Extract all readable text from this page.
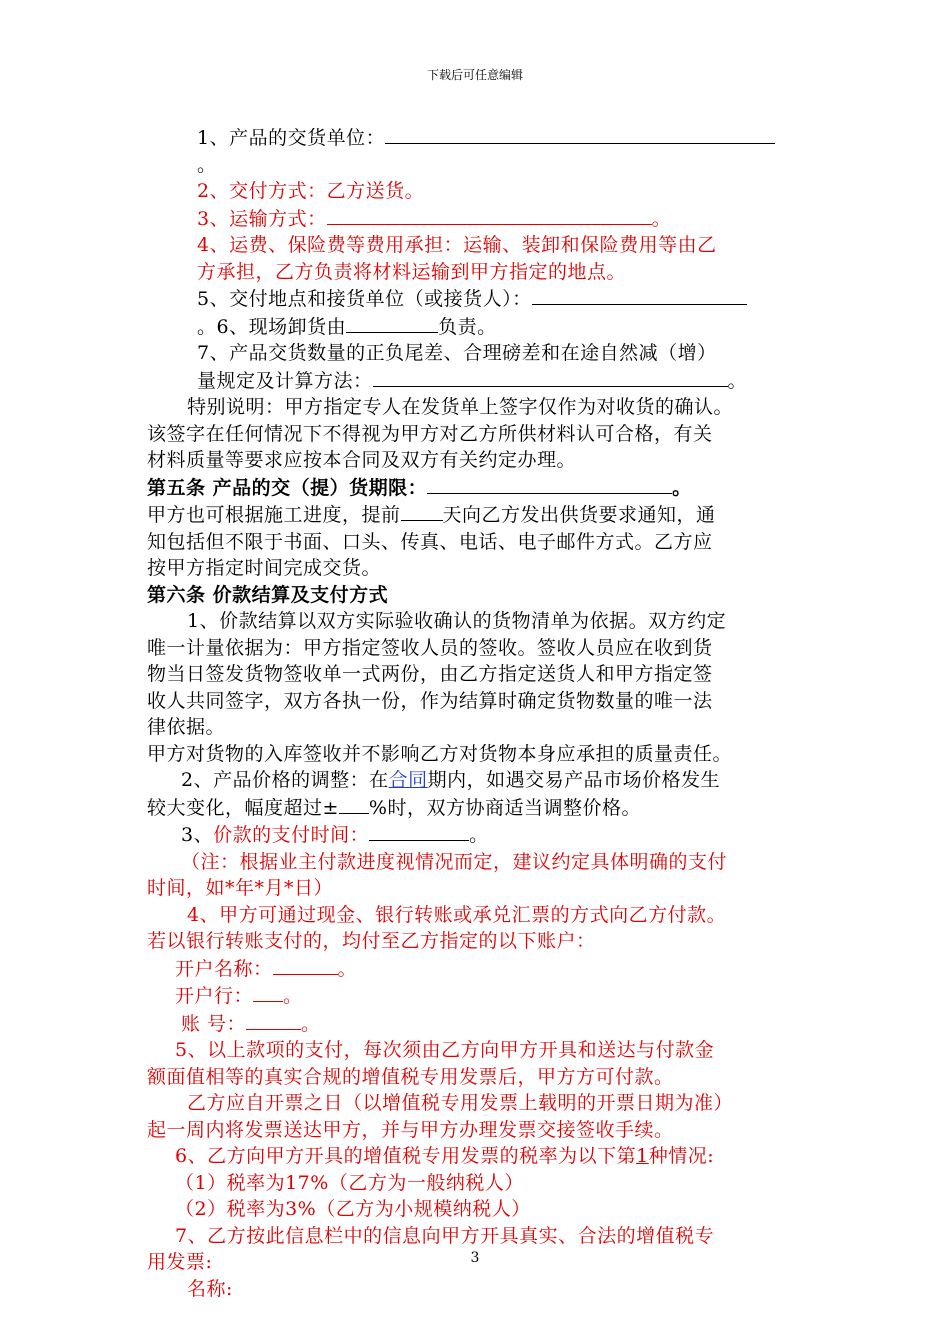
下载后可任意编辑
1、产品的交货单位：
。
2、交付方式：乙方送货。
3、运输方式：	。
4、运费、保险费等费用承担：运输、装卸和保险费用等由乙
方承担，乙方负责将材料运输到甲方指定的地点。
5、交付地点和接货单位（或接货人）：
。6、现场卸货由	负责。
7、产品交货数量的正负尾差、合理磅差和在途自然减（增）
量规定及计算方法：	。
特别说明：甲方指定专人在发货单上签字仅作为对收货的确认。
该签字在任何情况下不得视为甲方对乙方所供材料认可合格，有关
材料质量等要求应按本合同及双方有关约定办理。
第五条 产品的交（提）货期限：	。
甲方也可根据施工进度，提前 天向乙方发出供货要求通知，通
知包括但不限于书面、口头、传真、电话、电子邮件方式。乙方应
按甲方指定时间完成交货。
第六条 价款结算及支付方式
1、价款结算以双方实际验收确认的货物清单为依据。双方约定
唯一计量依据为：甲方指定签收人员的签收。签收人员应在收到货
物当日签发货物签收单一式两份，由乙方指定送货人和甲方指定签
收人共同签字，双方各执一份，作为结算时确定货物数量的唯一法
律依据。
甲方对货物的入库签收并不影响乙方对货物本身应承担的质量责任。
2、产品价格的调整：在合同期内，如遇交易产品市场价格发生
较大变化，幅度超过± %时，双方协商适当调整价格。
3、价款的支付时间：	。
（注：根据业主付款进度视情况而定，建议约定具体明确的支付
时间，如*年*月*日）
4、甲方可通过现金、银行转账或承兑汇票的方式向乙方付款。
若以银行转账支付的，均付至乙方指定的以下账户：
开户名称：	。
开户行： 。
账 号：	。
5、以上款项的支付，每次须由乙方向甲方开具和送达与付款金
额面值相等的真实合规的增值税专用发票后，甲方方可付款。
乙方应自开票之日（以增值税专用发票上载明的开票日期为准）
起一周内将发票送达甲方，并与甲方办理发票交接签收手续。
6、乙方向甲方开具的增值税专用发票的税率为以下第1种情况:
（1）税率为17%（乙方为一般纳税人）
（2）税率为3%（乙方为小规模纳税人）
7、乙方按此信息栏中的信息向甲方开具真实、合法的增值税专
用发票:
名称:
3
